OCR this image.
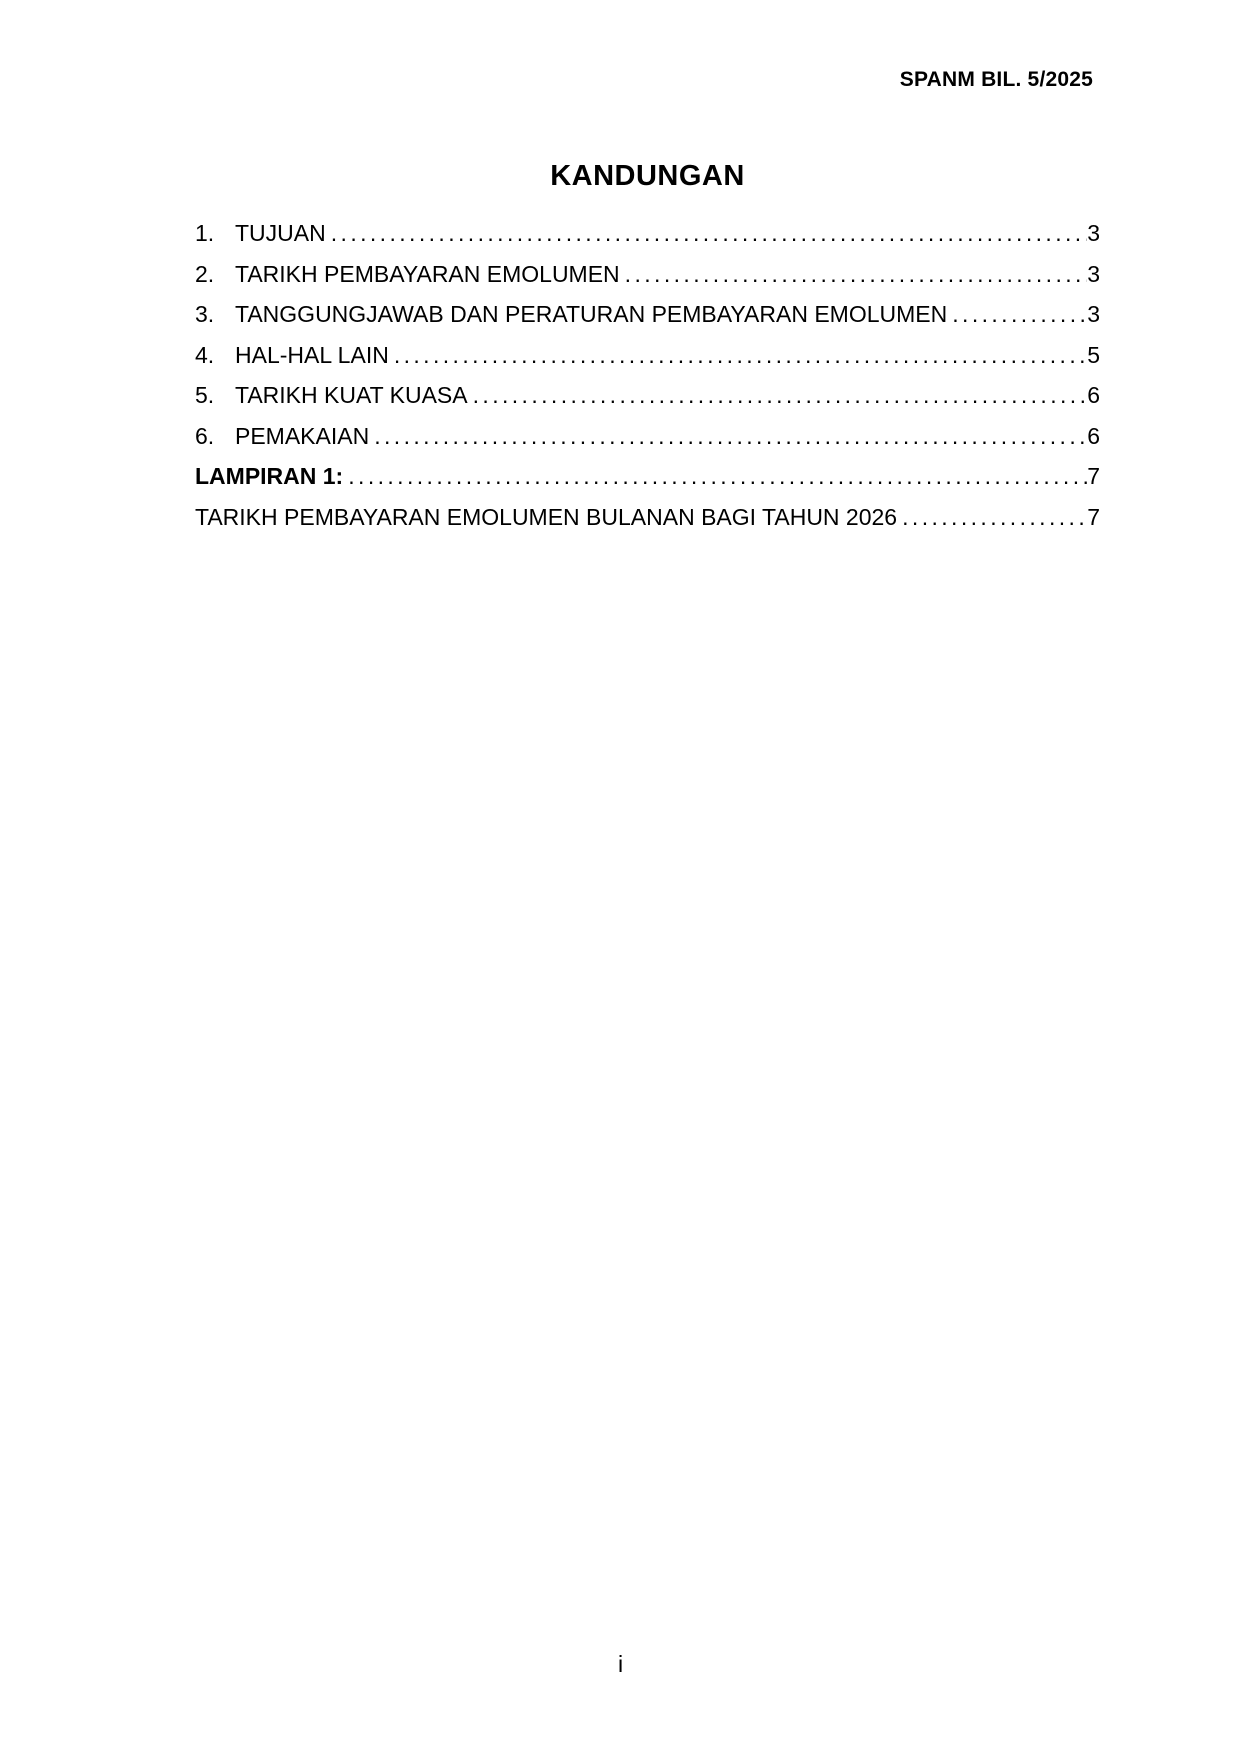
SPANM BIL. 5/2025
KANDUNGAN
1. TUJUAN .....	3
2. TARIKH PEMBAYARAN EMOLUMEN .....	3
3. TANGGUNGJAWAB DAN PERATURAN PEMBAYARAN EMOLUMEN .....	3
4. HAL-HAL LAIN .....	5
5. TARIKH KUAT KUASA .....	6
6. PEMAKAIAN .....	6
LAMPIRAN 1: .....	7
TARIKH PEMBAYARAN EMOLUMEN BULANAN BAGI TAHUN 2026 .....	7
i
